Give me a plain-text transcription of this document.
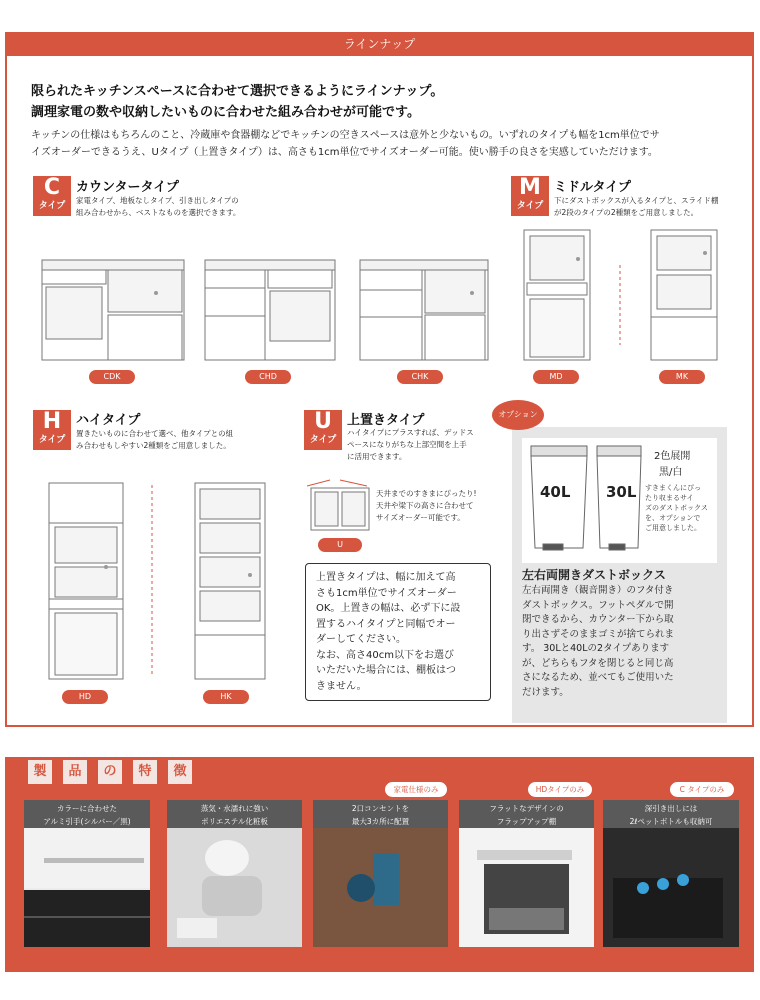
ラインナップ
限られたキッチンスペースに合わせて選択できるようにラインナップ。
調理家電の数や収納したいものに合わせた組み合わせが可能です。
キッチンの仕様はもちろんのこと、冷蔵庫や食器棚などでキッチンの空きスペースは意外と少ないもの。いずれのタイプも幅を1cm単位でサ
イズオーダーできるうえ、Uタイプ（上置きタイプ）は、高さも1cm単位でサイズオーダー可能。使い勝手の良さを実感していただけます。
C
タイプ
カウンタータイプ
家電タイプ、地板なしタイプ、引き出しタイプの
組み合わせから、ベストなものを選択できます。
M
タイプ
ミドルタイプ
下にダストボックスが入るタイプと、スライド棚
が2段のタイプの2種類をご用意しました。
CDK	CHD	CHK	MD	MK
H
タイプ
ハイタイプ
置きたいものに合わせて選べ、他タイプとの組
み合わせもしやすい2種類をご用意しました。
HD	HK
U
タイプ
上置きタイプ
ハイタイプにプラスすれば、デッドス
ペースになりがちな上部空間を上手
に活用できます。
U
天井までのすきまにぴったり!
天井や梁下の高さに合わせて
サイズオーダー可能です。
上置きタイプは、幅に加えて高
さも1cm単位でサイズオーダー
OK。上置きの幅は、必ず下に設
置するハイタイプと同幅でオー
ダーしてください。
なお、高さ40cm以下をお選び
いただいた場合には、棚板はつ
きません。
オプション
40L 30L
2色展開
黒/白
すきまくんにぴっ
たり収まるサイ
ズのダストボックス
を、オプションで
ご用意しました。
左右両開きダストボックス
左右両開き（観音開き）のフタ付き
ダストボックス。フットペダルで開
閉できるから、カウンター下から取
り出さずそのままゴミが捨てられま
す。 30Lと40Lの2タイプあります
が、どちらもフタを閉じると同じ高
さになるため、並べてもご使用いた
だけます。
製	品	の	特	徴
家電仕様のみ	HDタイプのみ	C タイプのみ
カラーに合わせた
アルミ引手(シルバー／黒)
蒸気・水濡れに強い
ポリエステル化粧板
2口コンセントを
最大3カ所に配置
フラットなデザインの
フラップアップ棚
深引き出しには
2ℓペットボトルも収納可
